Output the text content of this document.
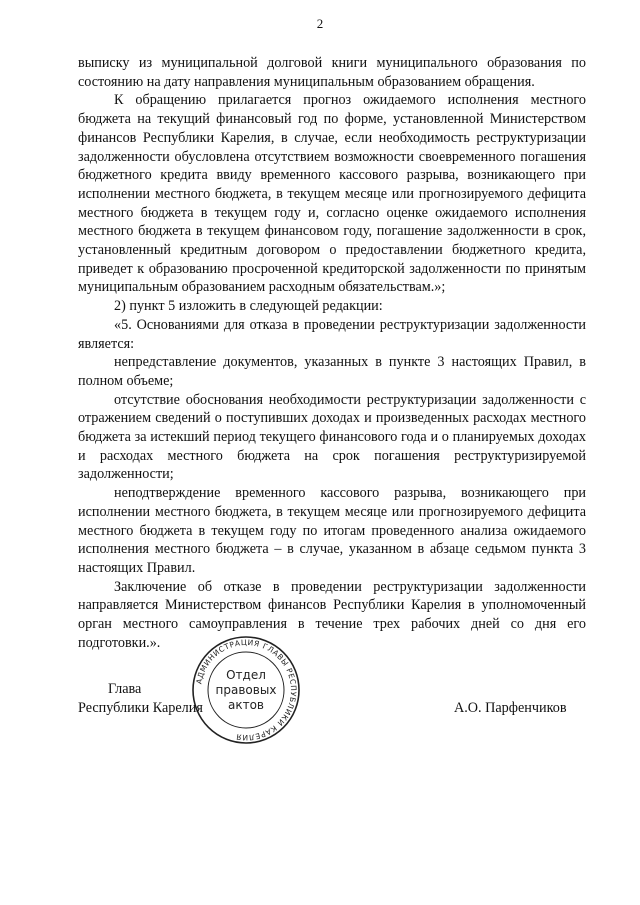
2

выписку из муниципальной долговой книги муниципального образования по состоянию на дату направления муниципальным образованием обращения.

К обращению прилагается прогноз ожидаемого исполнения местного бюджета на текущий финансовый год по форме, установленной Министерством финансов Республики Карелия, в случае, если необходимость реструктуризации задолженности обусловлена отсутствием возможности своевременного погашения бюджетного кредита ввиду временного кассового разрыва, возникающего при исполнении местного бюджета, в текущем месяце или прогнозируемого дефицита местного бюджета в текущем году и, согласно оценке ожидаемого исполнения местного бюджета в текущем финансовом году, погашение задолженности в срок, установленный кредитным договором о предоставлении бюджетного кредита, приведет к образованию просроченной кредиторской задолженности по принятым муниципальным образованием расходным обязательствам.»;

2) пункт 5 изложить в следующей редакции:

«5. Основаниями для отказа в проведении реструктуризации задолженности является:

непредставление документов, указанных в пункте 3 настоящих Правил, в полном объеме;

отсутствие обоснования необходимости реструктуризации задолженности с отражением сведений о поступивших доходах и произведенных расходах местного бюджета за истекший период текущего финансового года и о планируемых доходах и расходах местного бюджета на срок погашения реструктуризируемой задолженности;

неподтверждение временного кассового разрыва, возникающего при исполнении местного бюджета, в текущем месяце или прогнозируемого дефицита местного бюджета в текущем году по итогам проведенного анализа ожидаемого исполнения местного бюджета – в случае, указанном в абзаце седьмом пункта 3 настоящих Правил.

Заключение об отказе в проведении реструктуризации задолженности направляется Министерством финансов Республики Карелия в уполномоченный орган местного самоуправления в течение трех рабочих дней со дня его подготовки.».

АДМИНИСТРАЦИЯ ГЛАВЫ РЕСПУБЛИКИ КАРЕЛИЯ
Отдел
правовых
актов
Глава
Республики Карелия	А.О. Парфенчиков
